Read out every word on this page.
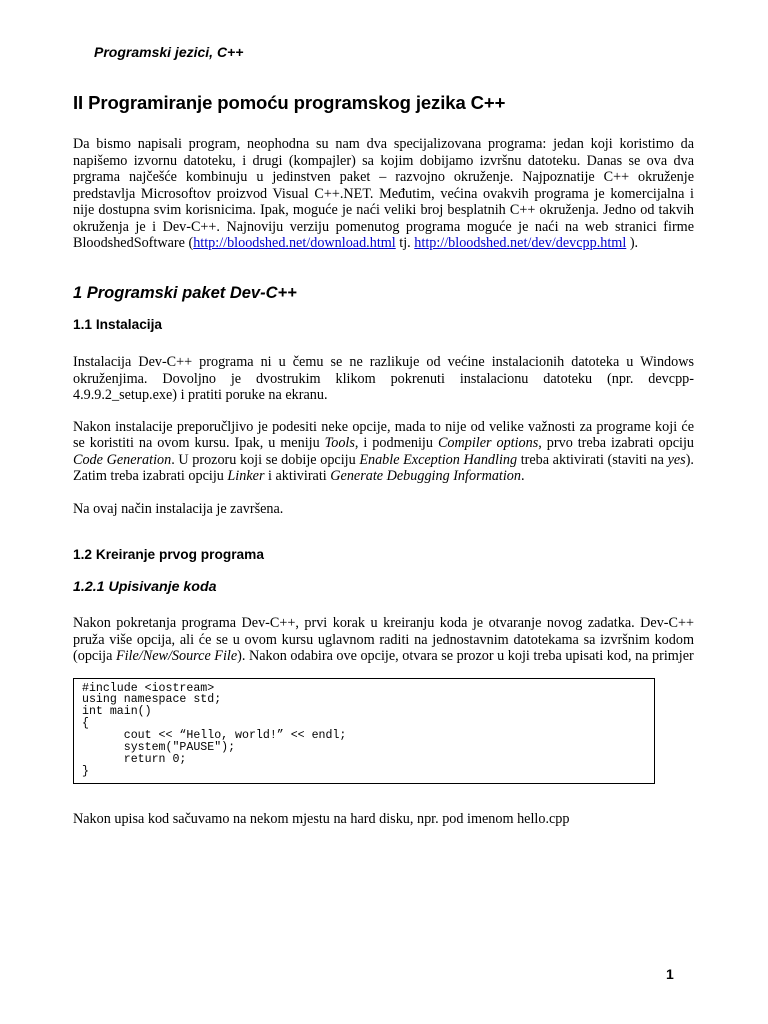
Programski jezici, C++
II Programiranje pomoću programskog jezika C++

Da bismo napisali program, neophodna su nam dva specijalizovana programa: jedan koji koristimo da napišemo izvornu datoteku, i drugi (kompajler) sa kojim dobijamo izvršnu datoteku. Danas se ova dva prgrama najčešće kombinuju u jedinstven paket – razvojno okruženje. Najpoznatije C++ okruženje predstavlja Microsoftov proizvod Visual C++.NET. Međutim, većina ovakvih programa je komercijalna i nije dostupna svim korisnicima. Ipak, moguće je naći veliki broj besplatnih C++ okruženja. Jedno od takvih okruženja je i Dev-C++. Najnoviju verziju pomenutog programa moguće je naći na web stranici firme BloodshedSoftware (http://bloodshed.net/download.html tj. http://bloodshed.net/dev/devcpp.html ).

1 Programski paket Dev-C++
1.1 Instalacija

Instalacija Dev-C++ programa ni u čemu se ne razlikuje od većine instalacionih datoteka u Windows okruženjima. Dovoljno je dvostrukim klikom pokrenuti instalacionu datoteku (npr. devcpp-4.9.9.2_setup.exe) i pratiti poruke na ekranu.

Nakon instalacije preporučljivo je podesiti neke opcije, mada to nije od velike važnosti za programe koji će se koristiti na ovom kursu. Ipak, u meniju Tools, i podmeniju Compiler options, prvo treba izabrati opciju Code Generation. U prozoru koji se dobije opciju Enable Exception Handling treba aktivirati (staviti na yes). Zatim treba izabrati opciju Linker i aktivirati Generate Debugging Information.

Na ovaj način instalacija je završena.

1.2 Kreiranje prvog programa
1.2.1 Upisivanje koda

Nakon pokretanja programa Dev-C++, prvi korak u kreiranju koda je otvaranje novog zadatka. Dev-C++ pruža više opcija, ali će se u ovom kursu uglavnom raditi na jednostavnim datotekama sa izvršnim kodom (opcija File/New/Source File). Nakon odabira ove opcije, otvara se prozor u koji treba upisati kod, na primjer

#include <iostream>
using namespace std;
int main()
{
cout << “Hello, world!” << endl;
system("PAUSE");
return 0;
}

Nakon upisa kod sačuvamo na nekom mjestu na hard disku, npr. pod imenom hello.cpp

1
